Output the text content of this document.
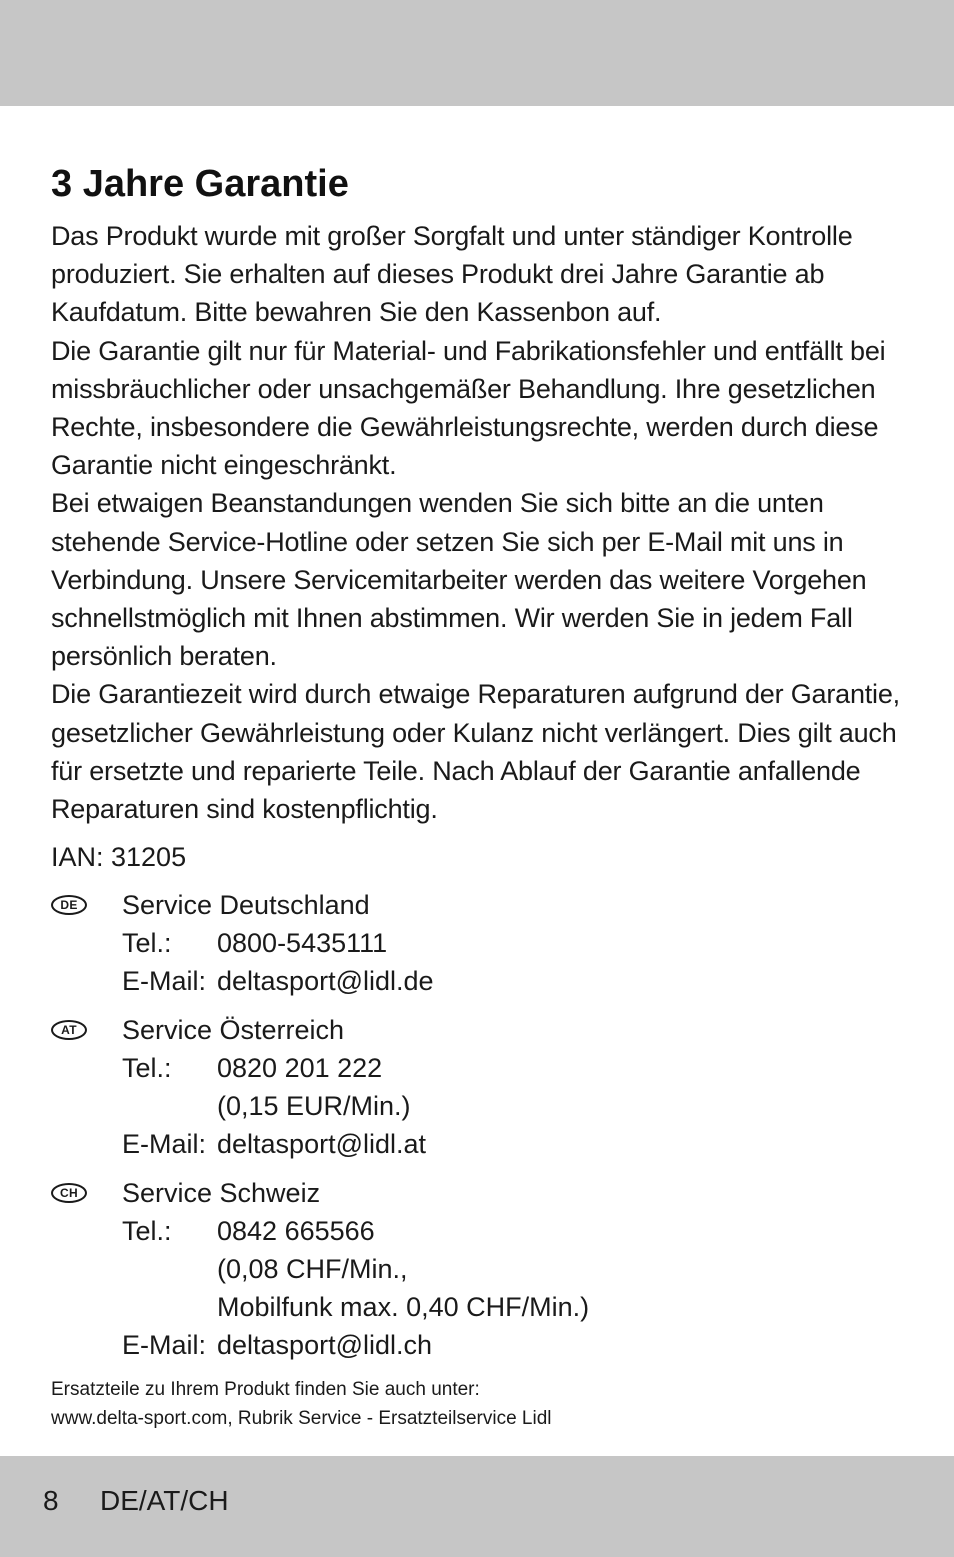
3 Jahre Garantie

Das Produkt wurde mit großer Sorgfalt und unter ständiger Kontrolle produziert. Sie erhalten auf dieses Produkt drei Jahre Garantie ab Kaufdatum. Bitte bewahren Sie den Kassenbon auf.

Die Garantie gilt nur für Material- und Fabrikationsfehler und entfällt bei missbräuchlicher oder unsachgemäßer Behandlung. Ihre gesetzlichen Rechte, insbesondere die Gewährleistungsrechte, werden durch diese Garantie nicht eingeschränkt.

Bei etwaigen Beanstandungen wenden Sie sich bitte an die unten stehende Service-Hotline oder setzen Sie sich per E-Mail mit uns in Verbindung. Unsere Servicemitarbeiter werden das weitere Vorgehen schnellstmöglich mit Ihnen abstimmen. Wir werden Sie in jedem Fall persönlich beraten.

Die Garantiezeit wird durch etwaige Reparaturen aufgrund der Garantie, gesetzlicher Gewährleistung oder Kulanz nicht verlängert. Dies gilt auch für ersetzte und reparierte Teile. Nach Ablauf der Garantie anfallende Reparaturen sind kostenpflichtig.

IAN: 31205
DE	Service Deutschland
Tel.: 0800-5435111
E-Mail: deltasport@lidl.de
AT	Service Österreich
Tel.: 0820 201 222
(0,15 EUR/Min.)
E-Mail: deltasport@lidl.at
CH	Service Schweiz
Tel.: 0842 665566
(0,08 CHF/Min.,
Mobilfunk max. 0,40 CHF/Min.)
E-Mail: deltasport@lidl.ch
Ersatzteile zu Ihrem Produkt finden Sie auch unter:
www.delta-sport.com, Rubrik Service - Ersatzteilservice Lidl
8 DE/AT/CH
